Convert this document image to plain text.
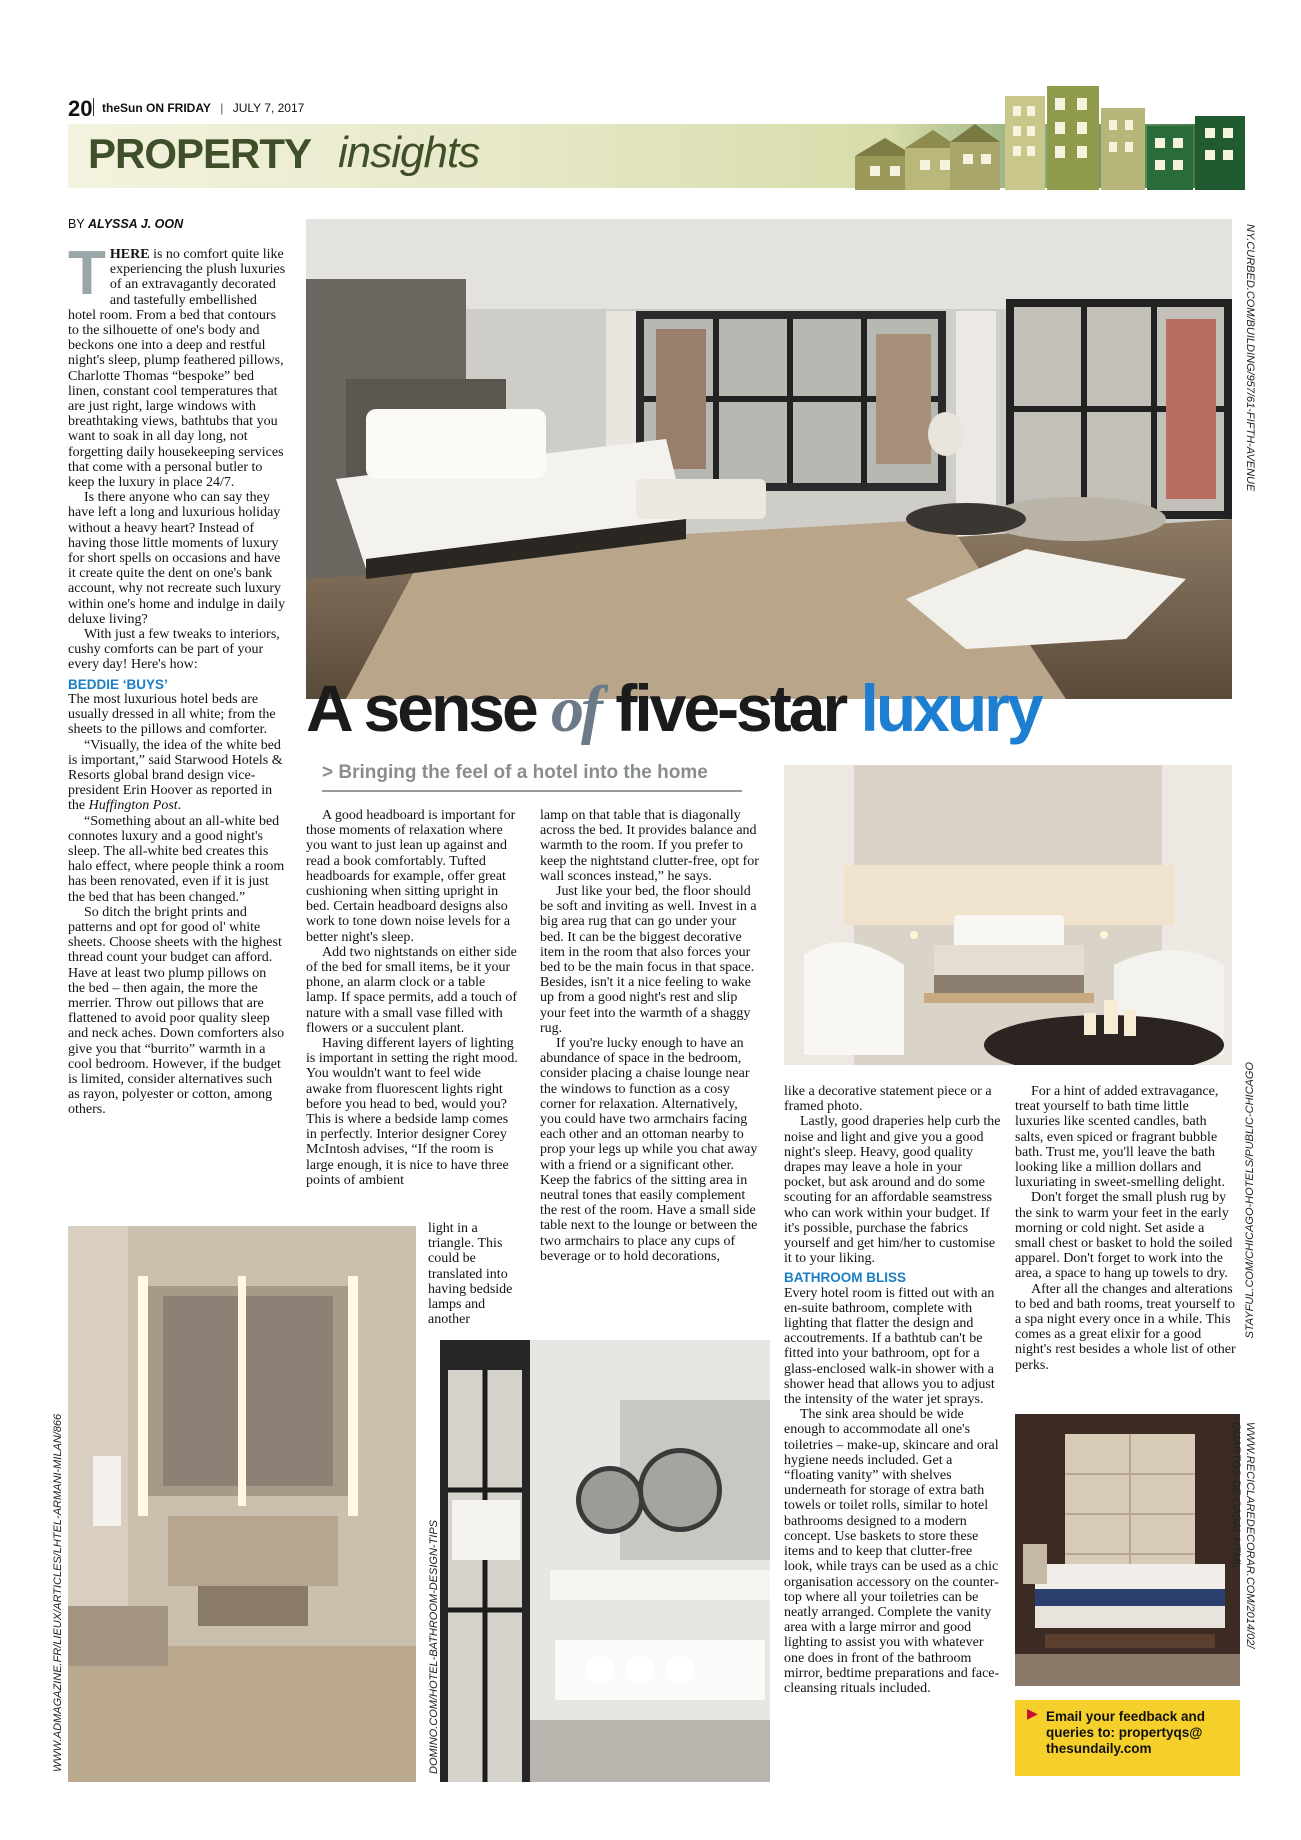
20 theSun ON FRIDAY | JULY 7, 2017
PROPERTY insights
BY ALYSSA J. OON	NY.CURBED.COM/BUILDING/957/61-FIFTH-AVENUE
A sense of five-star luxury
> Bringing the feel of a hotel into the home
STAYFUL.COM/CHICAGO-HOTELS/PUBLIC-CHICAGO
WWW.ADMAGAZINE.FR/LIEUX/ARTICLES/LHTEL-ARMANI-MILAN/866	DOMINO.COM/HOTEL-BATHROOM-DESIGN-TIPS	WWW.RECICLAREDECORAR.COM/2014/02/
QUARTOS-DE-CASAL.HTML

THERE is no comfort quite like experiencing the plush luxuries of an extravagantly decorated and tastefully embellished hotel room. From a bed that contours to the silhouette of one's body and beckons one into a deep and restful night's sleep, plump feathered pillows, Charlotte Thomas “bespoke” bed linen, constant cool temperatures that are just right, large windows with breathtaking views, bathtubs that you want to soak in all day long, not forgetting daily housekeeping services that come with a personal butler to keep the luxury in place 24/7.

Is there anyone who can say they have left a long and luxurious holiday without a heavy heart? Instead of having those little moments of luxury for short spells on occasions and have it create quite the dent on one's bank account, why not recreate such luxury within one's home and indulge in daily deluxe living?

With just a few tweaks to interiors, cushy comforts can be part of your every day! Here's how:

BEDDIE ‘BUYS’

The most luxurious hotel beds are usually dressed in all white; from the sheets to the pillows and comforter.

“Visually, the idea of the white bed is important,” said Starwood Hotels & Resorts global brand design vice-president Erin Hoover as reported in the Huffington Post.

“Something about an all-white bed connotes luxury and a good night's sleep. The all-white bed creates this halo effect, where people think a room has been renovated, even if it is just the bed that has been changed.”

So ditch the bright prints and patterns and opt for good ol' white sheets. Choose sheets with the highest thread count your budget can afford. Have at least two plump pillows on the bed – then again, the more the merrier. Throw out pillows that are flattened to avoid poor quality sleep and neck aches. Down comforters also give you that “burrito” warmth in a cool bedroom. However, if the budget is limited, consider alternatives such as rayon, polyester or cotton, among others.

A good headboard is important for those moments of relaxation where you want to just lean up against and read a book comfortably. Tufted headboards for example, offer great cushioning when sitting upright in bed. Certain headboard designs also work to tone down noise levels for a better night's sleep.

Add two nightstands on either side of the bed for small items, be it your phone, an alarm clock or a table lamp. If space permits, add a touch of nature with a small vase filled with flowers or a succulent plant.

Having different layers of lighting is important in setting the right mood. You wouldn't want to feel wide awake from fluorescent lights right before you head to bed, would you? This is where a bedside lamp comes in perfectly. Interior designer Corey McIntosh advises, “If the room is large enough, it is nice to have three points of ambient

light in a triangle. This could be translated into having bedside lamps and another

lamp on that table that is diagonally across the bed. It provides balance and warmth to the room. If you prefer to keep the nightstand clutter-free, opt for wall sconces instead,” he says.

Just like your bed, the floor should be soft and inviting as well. Invest in a big area rug that can go under your bed. It can be the biggest decorative item in the room that also forces your bed to be the main focus in that space. Besides, isn't it a nice feeling to wake up from a good night's rest and slip your feet into the warmth of a shaggy rug.

If you're lucky enough to have an abundance of space in the bedroom, consider placing a chaise lounge near the windows to function as a cosy corner for relaxation. Alternatively, you could have two armchairs facing each other and an ottoman nearby to prop your legs up while you chat away with a friend or a significant other. Keep the fabrics of the sitting area in neutral tones that easily complement the rest of the room. Have a small side table next to the lounge or between the two armchairs to place any cups of beverage or to hold decorations,

like a decorative statement piece or a framed photo.

Lastly, good draperies help curb the noise and light and give you a good night's sleep. Heavy, good quality drapes may leave a hole in your pocket, but ask around and do some scouting for an affordable seamstress who can work within your budget. If it's possible, purchase the fabrics yourself and get him/her to customise it to your liking.

BATHROOM BLISS

Every hotel room is fitted out with an en-suite bathroom, complete with lighting that flatter the design and accoutrements. If a bathtub can't be fitted into your bathroom, opt for a glass-enclosed walk-in shower with a shower head that allows you to adjust the intensity of the water jet sprays.

The sink area should be wide enough to accommodate all one's toiletries – make-up, skincare and oral hygiene needs included. Get a “floating vanity” with shelves underneath for storage of extra bath towels or toilet rolls, similar to hotel bathrooms designed to a modern concept. Use baskets to store these items and to keep that clutter-free look, while trays can be used as a chic organisation accessory on the counter-top where all your toiletries can be neatly arranged. Complete the vanity area with a large mirror and good lighting to assist you with whatever one does in front of the bathroom mirror, bedtime preparations and face-cleansing rituals included.

For a hint of added extravagance, treat yourself to bath time little luxuries like scented candles, bath salts, even spiced or fragrant bubble bath. Trust me, you'll leave the bath looking like a million dollars and luxuriating in sweet-smelling delight.

Don't forget the small plush rug by the sink to warm your feet in the early morning or cold night. Set aside a small chest or basket to hold the soiled apparel. Don't forget to work into the area, a space to hang up towels to dry.

After all the changes and alterations to bed and bath rooms, treat yourself to a spa night every once in a while. This comes as a great elixir for a good night's rest besides a whole list of other perks.

▶ Email your feedback and
queries to: propertyqs@
thesundaily.com
